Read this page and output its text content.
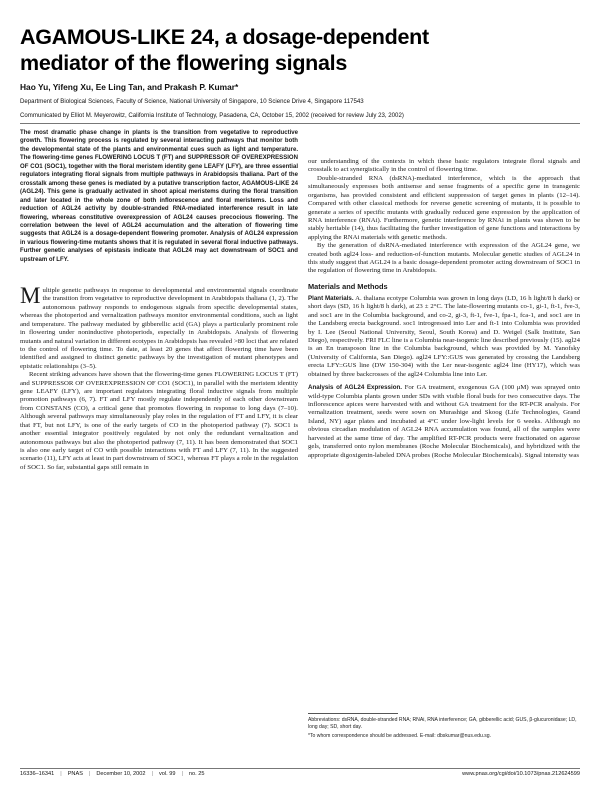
AGAMOUS-LIKE 24, a dosage-dependent mediator of the flowering signals
Hao Yu, Yifeng Xu, Ee Ling Tan, and Prakash P. Kumar*
Department of Biological Sciences, Faculty of Science, National University of Singapore, 10 Science Drive 4, Singapore 117543
Communicated by Elliot M. Meyerowitz, California Institute of Technology, Pasadena, CA, October 15, 2002 (received for review July 23, 2002)
The most dramatic phase change in plants is the transition from vegetative to reproductive growth. This flowering process is regulated by several interacting pathways that monitor both the developmental state of the plants and environmental cues such as light and temperature. The flowering-time genes FLOWERING LOCUS T (FT) and SUPPRESSOR OF OVEREXPRESSION OF CO1 (SOC1), together with the floral meristem identity gene LEAFY (LFY), are three essential regulators integrating floral signals from multiple pathways in Arabidopsis thaliana. Part of the crosstalk among these genes is mediated by a putative transcription factor, AGAMOUS-LIKE 24 (AGL24). This gene is gradually activated in shoot apical meristems during the floral transition and later located in the whole zone of both inflorescence and floral meristems. Loss and reduction of AGL24 activity by double-stranded RNA-mediated interference result in late flowering, whereas constitutive overexpression of AGL24 causes precocious flowering. The correlation between the level of AGL24 accumulation and the alteration of flowering time suggests that AGL24 is a dosage-dependent flowering promoter. Analysis of AGL24 expression in various flowering-time mutants shows that it is regulated in several floral inductive pathways. Further genetic analyses of epistasis indicate that AGL24 may act downstream of SOC1 and upstream of LFY.

Multiple genetic pathways in response to developmental and environmental signals coordinate the transition from vegetative to reproductive development in Arabidopsis thaliana (1, 2). The autonomous pathway responds to endogenous signals from specific developmental states, whereas the photoperiod and vernalization pathways monitor environmental conditions, such as light and temperature. The pathway mediated by gibberellic acid (GA) plays a particularly prominent role in flowering under noninductive photoperiods, especially in Arabidopsis. Analysis of flowering mutants and natural variation in different ecotypes in Arabidopsis has revealed >80 loci that are related to the control of flowering time. To date, at least 20 genes that affect flowering time have been identified and assigned to distinct genetic pathways by the investigation of mutant phenotypes and epistatic relationships (3–5).

Recent striking advances have shown that the flowering-time genes FLOWERING LOCUS T (FT) and SUPPRESSOR OF OVEREXPRESSION OF CO1 (SOC1), in parallel with the meristem identity gene LEAFY (LFY), are important regulators integrating floral inductive signals from multiple promotion pathways (6, 7). FT and LFY mostly regulate independently of each other downstream from CONSTANS (CO), a critical gene that promotes flowering in response to long days (7–10). Although several pathways may simultaneously play roles in the regulation of FT and LFY, it is clear that FT, but not LFY, is one of the early targets of CO in the photoperiod pathway (7). SOC1 is another essential integrator positively regulated by not only the redundant vernalization and autonomous pathways but also the photoperiod pathway (7, 11). It has been demonstrated that SOC1 is also one early target of CO with possible interactions with FT and LFY (7, 11). In the suggested scenario (11), LFY acts at least in part downstream of SOC1, whereas FT plays a role in the regulation of SOC1. So far, substantial gaps still remain in

our understanding of the contexts in which these basic regulators integrate floral signals and crosstalk to act synergistically in the control of flowering time.

Double-stranded RNA (dsRNA)-mediated interference, which is the approach that simultaneously expresses both antisense and sense fragments of a specific gene in transgenic organisms, has provided consistent and efficient suppression of target genes in plants (12–14). Compared with other classical methods for reverse genetic screening of mutants, it is possible to generate a series of specific mutants with gradually reduced gene expression by the application of RNA interference (RNAi). Furthermore, genetic interference by RNAi in plants was shown to be stably heritable (14), thus facilitating the further investigation of gene functions and interactions by applying the RNAi materials with genetic methods.

By the generation of dsRNA-mediated interference with expression of the AGL24 gene, we created both agl24 loss- and reduction-of-function mutants. Molecular genetic studies of AGL24 in this study suggest that AGL24 is a basic dosage-dependent promoter acting downstream of SOC1 in the regulation of flowering time in Arabidopsis.

Materials and Methods

Plant Materials. A. thaliana ecotype Columbia was grown in long days (LD, 16 h light/8 h dark) or short days (SD, 16 h light/8 h dark), at 23 ± 2°C. The late-flowering mutants co-1, gi-1, ft-1, fve-3, and soc1 are in the Columbia background, and co-2, gi-3, ft-1, fve-1, fpa-1, fca-1, and soc1 are in the Landsberg erecta background. soc1 introgressed into Ler and ft-1 into Columbia was provided by I. Lee (Seoul National University, Seoul, South Korea) and D. Weigel (Salk Institute, San Diego), respectively. FRI FLC line is a Columbia near-isogenic line described previously (15). agl24 is an En transposon line in the Columbia background, which was provided by M. Yanofsky (University of California, San Diego). agl24 LFY::GUS was generated by crossing the Landsberg erecta LFY::GUS line (DW 150-304) with the Ler near-isogenic agl24 line (HY17), which was obtained by three backcrosses of the agl24 Columbia line into Ler.

Analysis of AGL24 Expression. For GA treatment, exogenous GA (100 μM) was sprayed onto wild-type Columbia plants grown under SDs with visible floral buds for two consecutive days. The inflorescence apices were harvested with and without GA treatment for the RT-PCR analysis. For vernalization treatment, seeds were sown on Murashige and Skoog (Life Technologies, Grand Island, NY) agar plates and incubated at 4°C under low-light levels for 6 weeks. Although no obvious circadian modulation of AGL24 RNA accumulation was found, all of the samples were harvested at the same time of day. The amplified RT-PCR products were fractionated on agarose gels, transferred onto nylon membranes (Roche Molecular Biochemicals), and hybridized with the appropriate digoxigenin-labeled DNA probes (Roche Molecular Biochemicals). Signal intensity was

Abbreviations: dsRNA, double-stranded RNA; RNAi, RNA interference; GA, gibberellic acid; GUS, β-glucuronidase; LD, long day; SD, short day.
*To whom correspondence should be addressed. E-mail: dbskumar@nus.edu.sg.
16336–16341 | PNAS | December 10, 2002 | vol. 99 | no. 25	www.pnas.org/cgi/doi/10.1073/pnas.212624599
